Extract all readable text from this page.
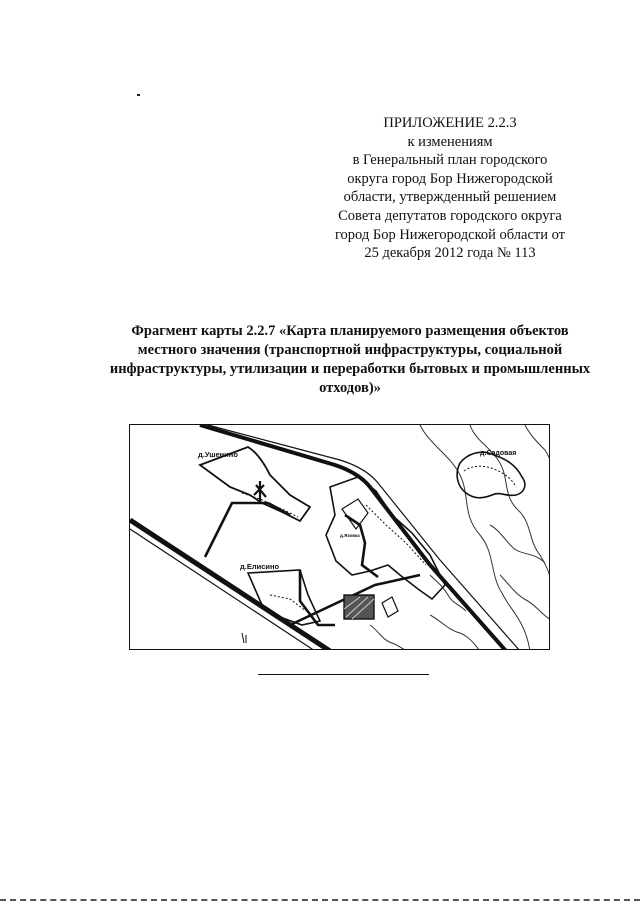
ПРИЛОЖЕНИЕ 2.2.3
к изменениям
в Генеральный план городского
округа город Бор Нижегородской
области, утвержденный решением
Совета депутатов городского округа
город Бор Нижегородской области от
25 декабря 2012 года № 113
Фрагмент карты 2.2.7 «Карта планируемого размещения объектов
местного значения (транспортной инфраструктуры, социальной
инфраструктуры, утилизации и переработки бытовых и промышленных
отходов)»
д.Ушенино
д.Елисино
д.Садовая
д.Язовка
